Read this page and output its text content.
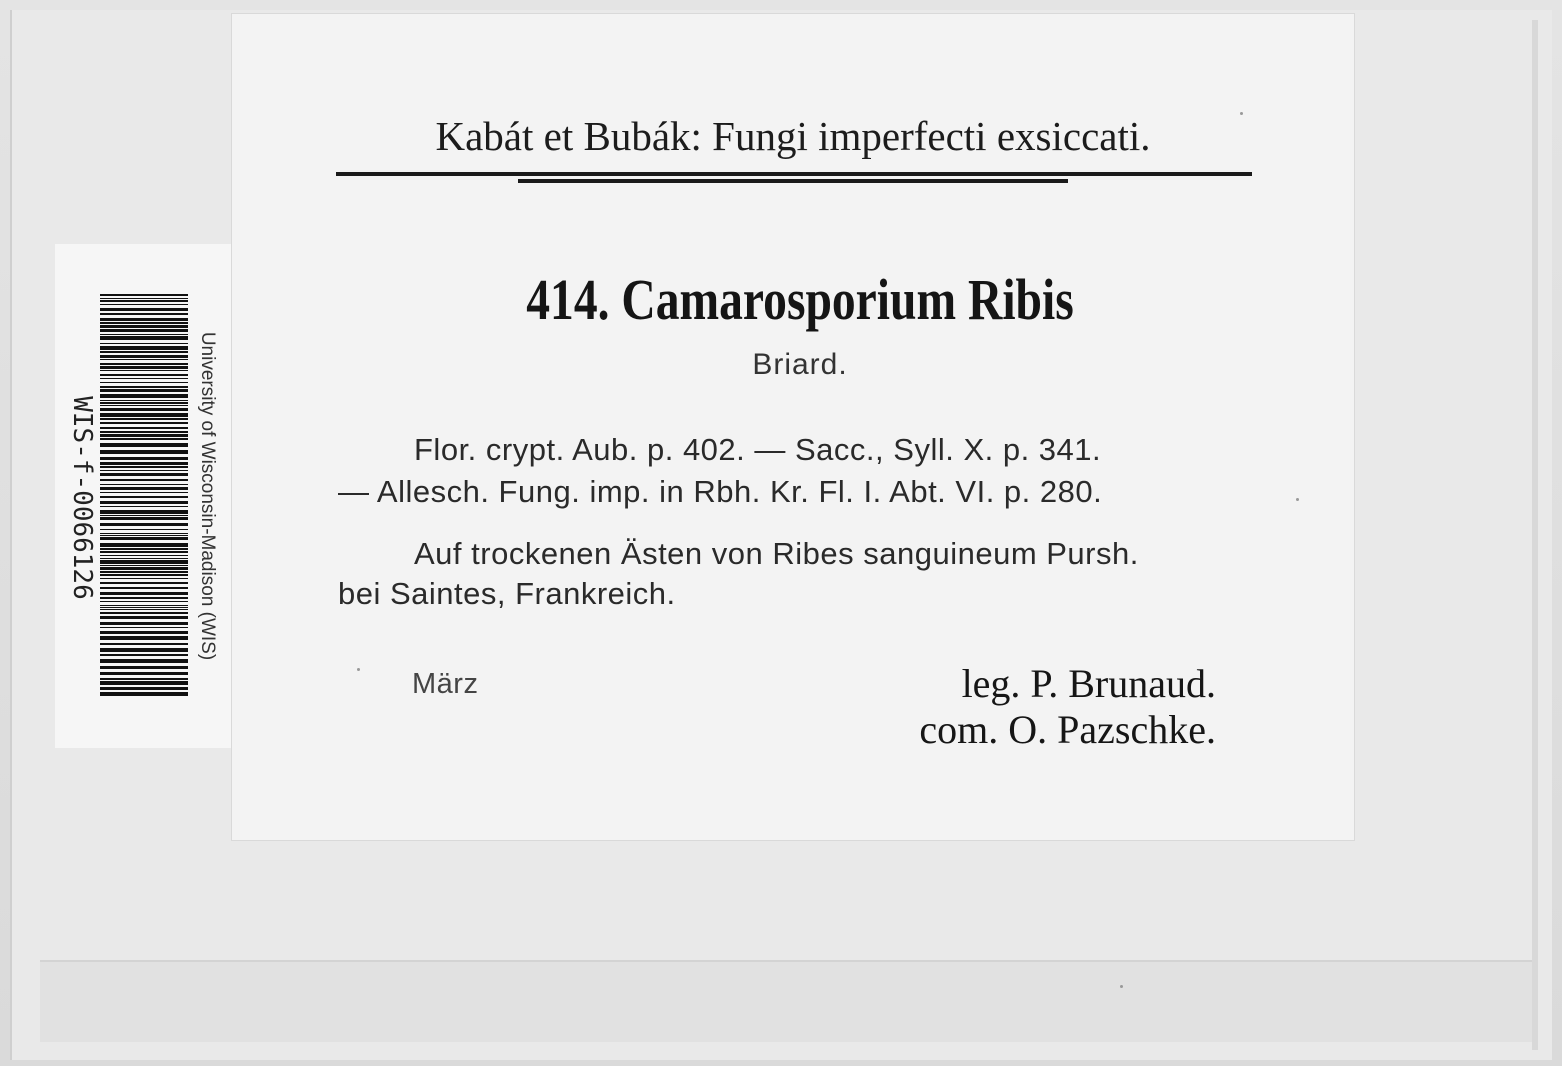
WIS-f-0066126	University of Wisconsin-Madison (WIS)
Kabát et Bubák: Fungi imperfecti exsiccati.
414. Camarosporium Ribis
Briard.
Flor. crypt. Aub. p. 402. — Sacc., Syll. X. p. 341.
— Allesch. Fung. imp. in Rbh. Kr. Fl. I. Abt. VI. p. 280.
Auf trockenen Ästen von Ribes sanguineum Pursh.
bei Saintes, Frankreich.
März	leg. P. Brunaud.
com. O. Pazschke.
